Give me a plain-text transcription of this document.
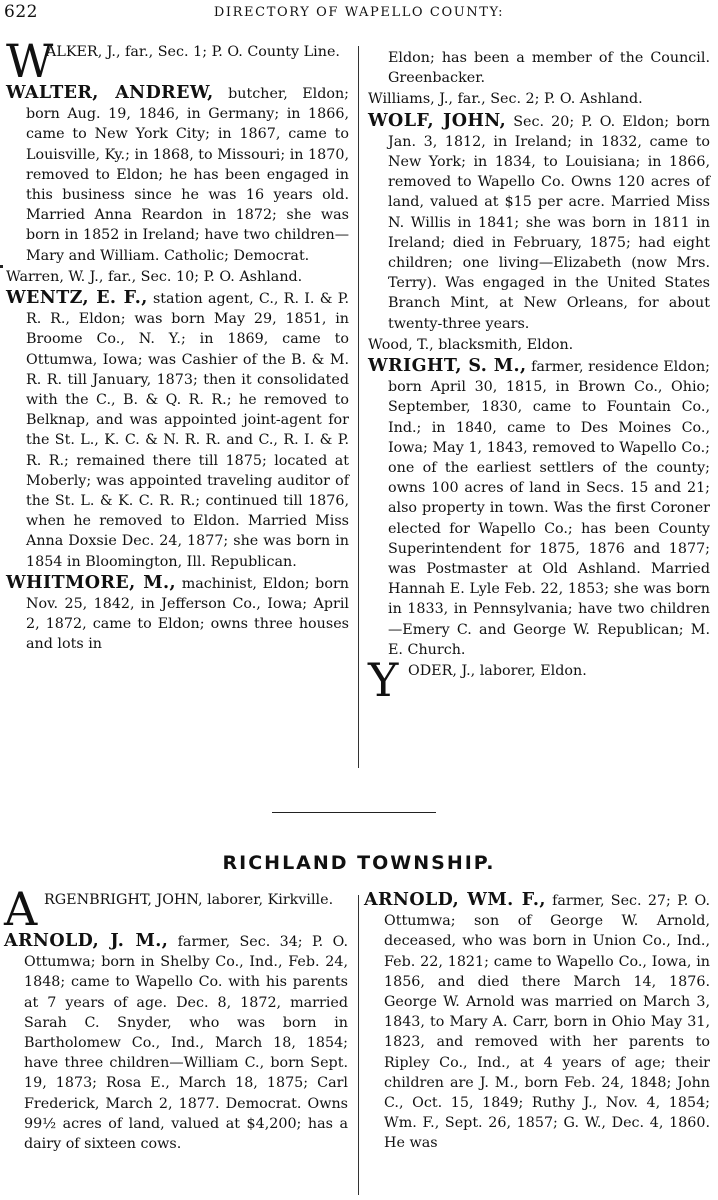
622	DIRECTORY OF WAPELLO COUNTY:
W

ALKER, J., far., Sec. 1; P. O. County Line.

WALTER, ANDREW, butcher, Eldon; born Aug. 19, 1846, in Germany; in 1866, came to New York City; in 1867, came to Louisville, Ky.; in 1868, to Missouri; in 1870, removed to Eldon; he has been engaged in this business since he was 16 years old. Married Anna Reardon in 1872; she was born in 1852 in Ireland; have two children—Mary and William. Catholic; Democrat.

Warren, W. J., far., Sec. 10; P. O. Ashland.

WENTZ, E. F., station agent, C., R. I. & P. R. R., Eldon; was born May 29, 1851, in Broome Co., N. Y.; in 1869, came to Ottumwa, Iowa; was Cashier of the B. & M. R. R. till January, 1873; then it consolidated with the C., B. & Q. R. R.; he removed to Belknap, and was appointed joint-agent for the St. L., K. C. & N. R. R. and C., R. I. & P. R. R.; remained there till 1875; located at Moberly; was appointed traveling auditor of the St. L. & K. C. R. R.; continued till 1876, when he removed to Eldon. Married Miss Anna Doxsie Dec. 24, 1877; she was born in 1854 in Bloomington, Ill. Republican.

WHITMORE, M., machinist, Eldon; born Nov. 25, 1842, in Jefferson Co., Iowa; April 2, 1872, came to Eldon; owns three houses and lots in

Eldon; has been a member of the Council. Greenbacker.

Williams, J., far., Sec. 2; P. O. Ashland.

WOLF, JOHN, Sec. 20; P. O. Eldon; born Jan. 3, 1812, in Ireland; in 1832, came to New York; in 1834, to Louisiana; in 1866, removed to Wapello Co. Owns 120 acres of land, valued at $15 per acre. Married Miss N. Willis in 1841; she was born in 1811 in Ireland; died in February, 1875; had eight children; one living—Elizabeth (now Mrs. Terry). Was engaged in the United States Branch Mint, at New Orleans, for about twenty-three years.

Wood, T., blacksmith, Eldon.

WRIGHT, S. M., farmer, residence Eldon; born April 30, 1815, in Brown Co., Ohio; September, 1830, came to Fountain Co., Ind.; in 1840, came to Des Moines Co., Iowa; May 1, 1843, removed to Wapello Co.; one of the earliest settlers of the county; owns 100 acres of land in Secs. 15 and 21; also property in town. Was the first Coroner elected for Wapello Co.; has been County Superintendent for 1875, 1876 and 1877; was Postmaster at Old Ashland. Married Hannah E. Lyle Feb. 22, 1853; she was born in 1833, in Pennsylvania; have two children—Emery C. and George W. Republican; M. E. Church.

Y ODER, J., laborer, Eldon.

RICHLAND TOWNSHIP.
A RGENBRIGHT, JOHN, laborer, Kirkville.

ARNOLD, J. M., farmer, Sec. 34; P. O. Ottumwa; born in Shelby Co., Ind., Feb. 24, 1848; came to Wapello Co. with his parents at 7 years of age. Dec. 8, 1872, married Sarah C. Snyder, who was born in Bartholomew Co., Ind., March 18, 1854; have three children—William C., born Sept. 19, 1873; Rosa E., March 18, 1875; Carl Frederick, March 2, 1877. Democrat. Owns 99½ acres of land, valued at $4,200; has a dairy of sixteen cows.

ARNOLD, WM. F., farmer, Sec. 27; P. O. Ottumwa; son of George W. Arnold, deceased, who was born in Union Co., Ind., Feb. 22, 1821; came to Wapello Co., Iowa, in 1856, and died there March 14, 1876. George W. Arnold was married on March 3, 1843, to Mary A. Carr, born in Ohio May 31, 1823, and removed with her parents to Ripley Co., Ind., at 4 years of age; their children are J. M., born Feb. 24, 1848; John C., Oct. 15, 1849; Ruthy J., Nov. 4, 1854; Wm. F., Sept. 26, 1857; G. W., Dec. 4, 1860. He was
